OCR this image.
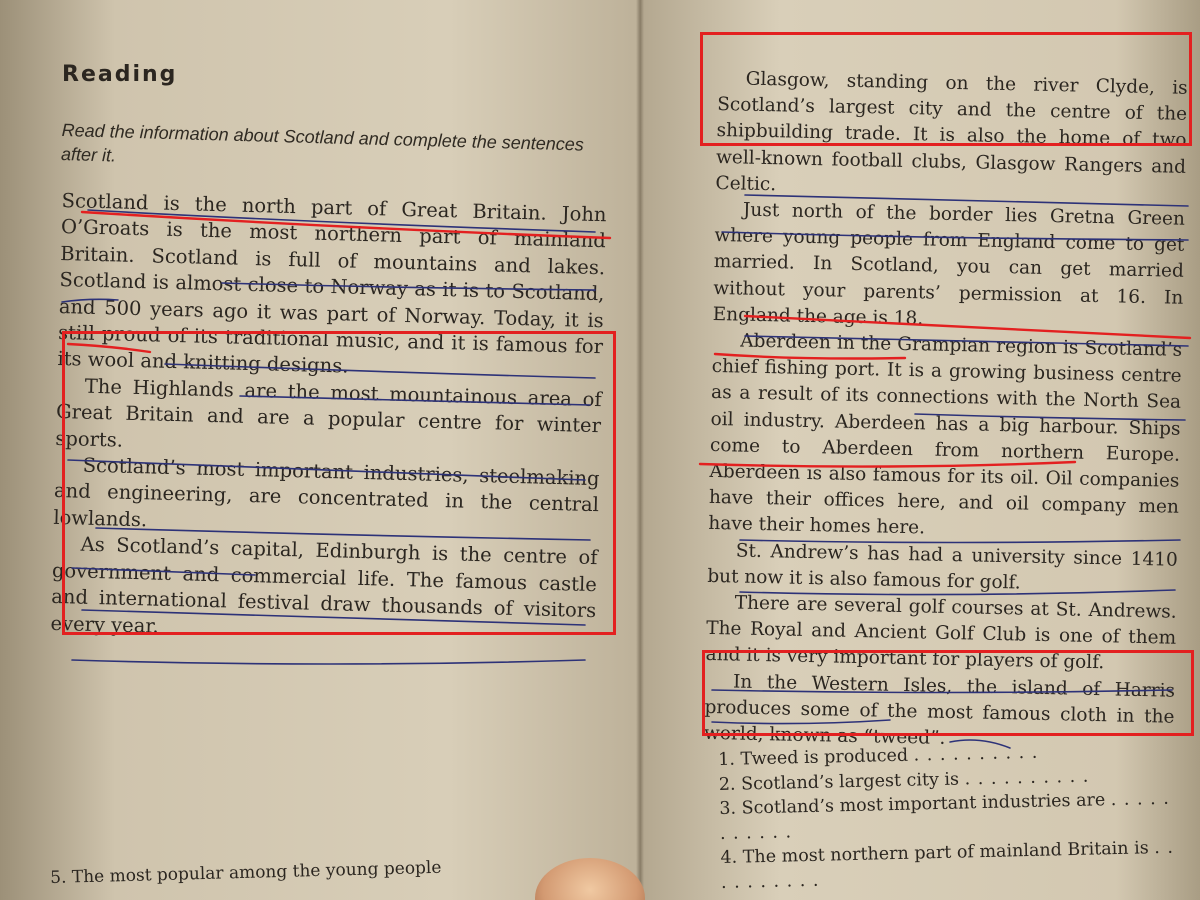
Reading
Read the information about Scotland and complete the sentences after it.

Scotland is the north part of Great Britain. John O’Groats is the most northern part of mainland Britain. Scotland is full of mountains and lakes. Scotland is almost close to Norway as it is to Scotland, and 500 years ago it was part of Norway. Today, it is still proud of its traditional music, and it is famous for its wool and knitting designs.

The Highlands are the most mountainous area of Great Britain and are a popular centre for winter sports.

Scotland’s most important industries, steelmaking and engineering, are concentrated in the central lowlands.

As Scotland’s capital, Edinburgh is the centre of government and commercial life. The famous castle and international festival draw thousands of visitors every year.

Glasgow, standing on the river Clyde, is Scotland’s largest city and the centre of the shipbuilding trade. It is also the home of two well-known football clubs, Glasgow Rangers and Celtic.

Just north of the border lies Gretna Green where young people from England come to get married. In Scotland, you can get married without your parents’ permission at 16. In England the age is 18.

Aberdeen in the Grampian region is Scotland’s chief fishing port. It is a growing business centre as a result of its connections with the North Sea oil industry. Aberdeen has a big harbour. Ships come to Aberdeen from northern Europe. Aberdeen is also famous for its oil. Oil companies have their offices here, and oil company men have their homes here.

St. Andrew’s has had a university since 1410 but now it is also famous for golf.

There are several golf courses at St. Andrews. The Royal and Ancient Golf Club is one of them and it is very important for players of golf.

In the Western Isles, the island of Harris produces some of the most famous cloth in the world, known as “tweed”.

1. Tweed is produced . . . . . . . . . .
2. Scotland’s largest city is . . . . . . . . . .
3. Scotland’s most important industries are . . . . . . . . . . .
4. The most northern part of mainland Britain is . . . . . . . . . .
5. The most popular among the young people
